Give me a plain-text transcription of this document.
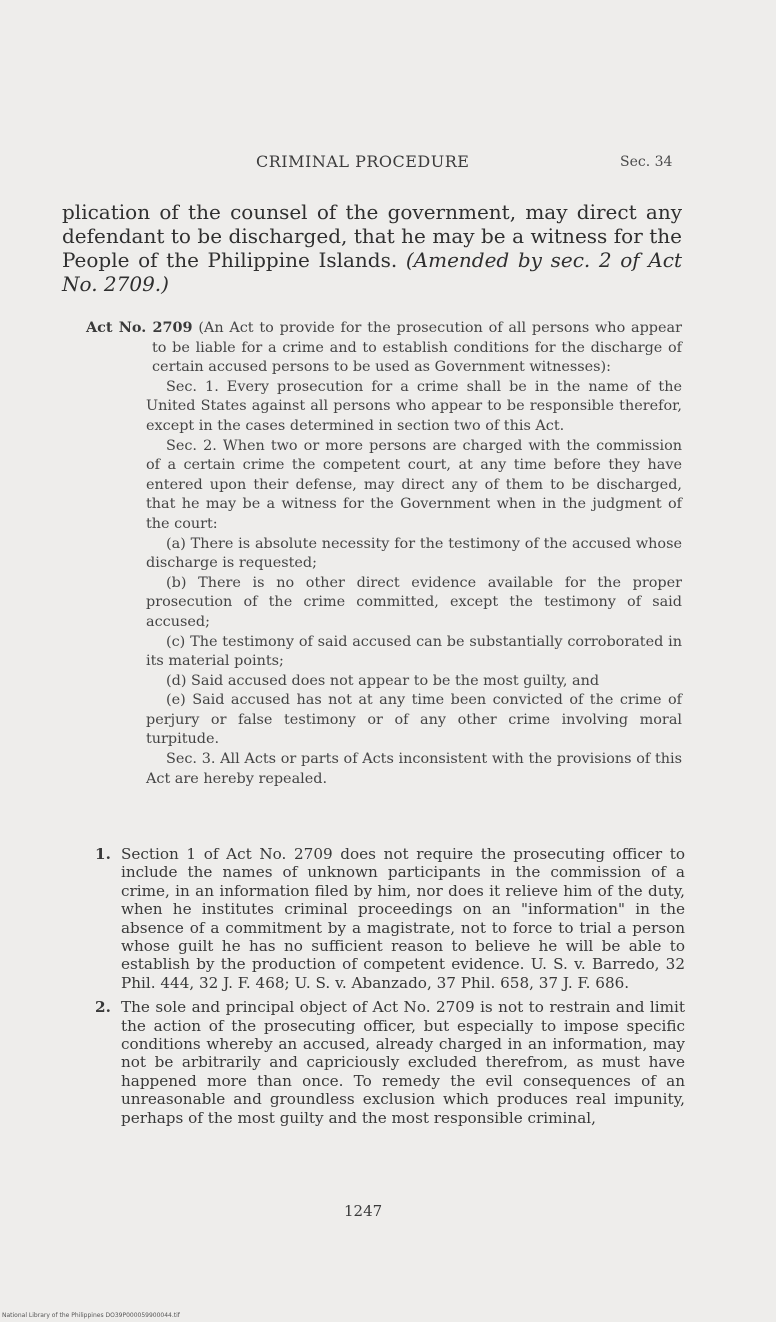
CRIMINAL PROCEDURE	Sec. 34
plication of the counsel of the government, may direct any defendant to be discharged, that he may be a witness for the People of the Philippine Islands. (Amended by sec. 2 of Act No. 2709.)

Act No. 2709 (An Act to provide for the prosecution of all persons who appear to be liable for a crime and to establish conditions for the discharge of certain accused persons to be used as Government witnesses):

Sec. 1. Every prosecution for a crime shall be in the name of the United States against all persons who appear to be responsible therefor, except in the cases determined in section two of this Act.

Sec. 2. When two or more persons are charged with the commission of a certain crime the competent court, at any time before they have entered upon their defense, may direct any of them to be discharged, that he may be a witness for the Government when in the judgment of the court:

(a) There is absolute necessity for the testimony of the accused whose discharge is requested;

(b) There is no other direct evidence available for the proper prosecution of the crime committed, except the testimony of said accused;

(c) The testimony of said accused can be substantially corroborated in its material points;

(d) Said accused does not appear to be the most guilty, and

(e) Said accused has not at any time been convicted of the crime of perjury or false testimony or of any other crime involving moral turpitude.

Sec. 3. All Acts or parts of Acts inconsistent with the provisions of this Act are hereby repealed.

1. Section 1 of Act No. 2709 does not require the prosecuting officer to include the names of unknown participants in the commission of a crime, in an information filed by him, nor does it relieve him of the duty, when he institutes criminal proceedings on an "information" in the absence of a commitment by a magistrate, not to force to trial a person whose guilt he has no sufficient reason to believe he will be able to establish by the production of competent evidence. U. S. v. Barredo, 32 Phil. 444, 32 J. F. 468; U. S. v. Abanzado, 37 Phil. 658, 37 J. F. 686.

2. The sole and principal object of Act No. 2709 is not to restrain and limit the action of the prosecuting officer, but especially to impose specific conditions whereby an accused, already charged in an information, may not be arbitrarily and capriciously excluded therefrom, as must have happened more than once. To remedy the evil consequences of an unreasonable and groundless exclusion which produces real impunity, perhaps of the most guilty and the most responsible criminal,

1247
National Library of the Philippines DO39P000059900044.tif
